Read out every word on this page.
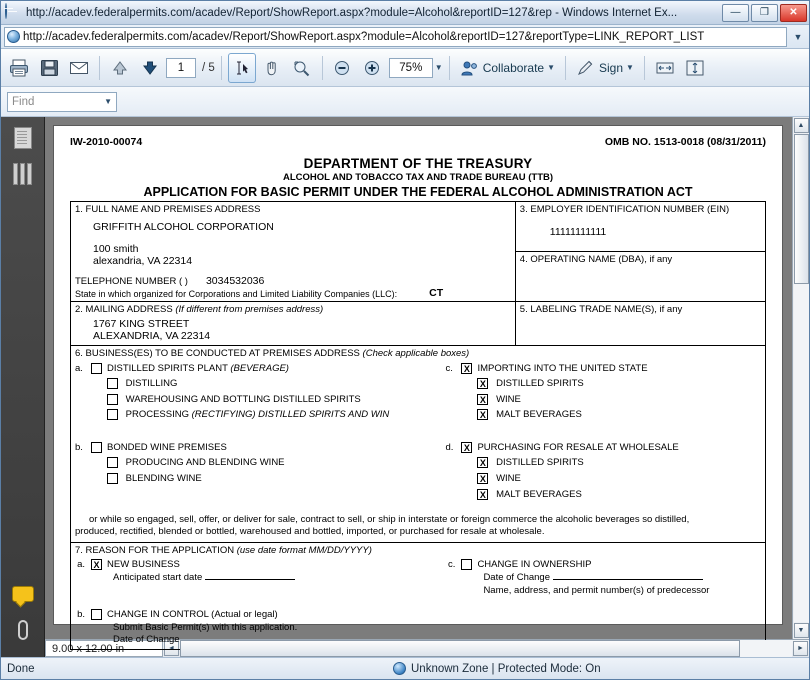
http://acadev.federalpermits.com/acadev/Report/ShowReport.aspx?module=Alcohol&reportID=127&rep - Windows Internet Ex...	—	❐	✕
http://acadev.federalpermits.com/acadev/Report/ShowReport.aspx?module=Alcohol&reportID=127&reportType=LINK_REPORT_LIST	▼
1	/ 5	75%	▼	Collaborate ▼	Sign ▼
Find	▼
IW-2010-00074	OMB NO. 1513-0018 (08/31/2011)
DEPARTMENT OF THE TREASURY
ALCOHOL AND TOBACCO TAX AND TRADE BUREAU (TTB)
APPLICATION FOR BASIC PERMIT UNDER THE FEDERAL ALCOHOL ADMINISTRATION ACT
1. FULL NAME AND PREMISES ADDRESS
GRIFFITH ALCOHOL CORPORATION
100 smith
alexandria, VA 22314
TELEPHONE NUMBER ( ) 3034532036
State in which organized for Corporations and Limited Liability Companies (LLC):	CT

3. EMPLOYER IDENTIFICATION NUMBER (EIN)
11111111111
4. OPERATING NAME (DBA), if any

2. MAILING ADDRESS (If different from premises address)
1767 KING STREET
ALEXANDRIA, VA 22314	5. LABELING TRADE NAME(S), if any

6. BUSINESS(ES) TO BE CONDUCTED AT PREMISES ADDRESS (Check applicable boxes)
a.	DISTILLED SPIRITS PLANT (BEVERAGE)
DISTILLING
WAREHOUSING AND BOTTLING DISTILLED SPIRITS
PROCESSING (RECTIFYING) DISTILLED SPIRITS AND WIN
b.	BONDED WINE PREMISES
PRODUCING AND BLENDING WINE
BLENDING WINE
c.	X IMPORTING INTO THE UNITED STATE
X DISTILLED SPIRITS
X WINE
X MALT BEVERAGES
d.	X PURCHASING FOR RESALE AT WHOLESALE
X DISTILLED SPIRITS
X WINE
X MALT BEVERAGES
or while so engaged, sell, offer, or deliver for sale, contract to sell, or ship in interstate or foreign commerce the alcoholic beverages so distilled,
produced, rectified, blended or bottled, warehoused and bottled, imported, or purchased for resale at wholesale.

7. REASON FOR THE APPLICATION (use date format MM/DD/YYYY)
a. X NEW BUSINESS
Anticipated start date
b.	CHANGE IN CONTROL (Actual or legal)
Submit Basic Permit(s) with this application.
Date of Change
c.	CHANGE IN OWNERSHIP
Date of Change
Name, address, and permit number(s) of predecessor
▲
▼
9.00 x 12.00 in	◄	►
Done	Unknown Zone | Protected Mode: On
